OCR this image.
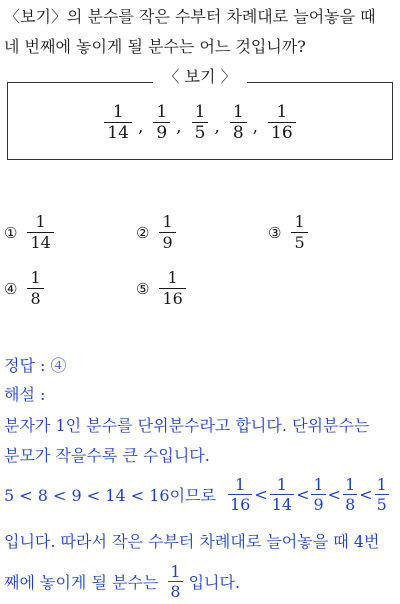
〈보기〉의 분수를 작은 수부터 차례대로 늘어놓을 때
네 번째에 놓이게 될 분수는 어느 것입니까?
〈 보기 〉
$\frac{1}{14}$ , $\frac{1}{9}$ , $\frac{1}{5}$ , $\frac{1}{8}$ , $\frac{1}{16}$
① $\frac{1}{14}$	② $\frac{1}{9}$	③ $\frac{1}{5}$
④ $\frac{1}{8}$	⑤ $\frac{1}{16}$
정답 : ④
해설 :
분자가 1인 분수를 단위분수라고 합니다. 단위분수는
분모가 작을수록 큰 수입니다.
5 < 8 < 9 < 14 < 16이므로 $\frac{1}{16} < \frac{1}{14} < \frac{1}{9} < \frac{1}{8} < \frac{1}{5}$
입니다. 따라서 작은 수부터 차례대로 늘어놓을 때 4번
째에 놓이게 될 분수는 $\frac{1}{8}$ 입니다.
